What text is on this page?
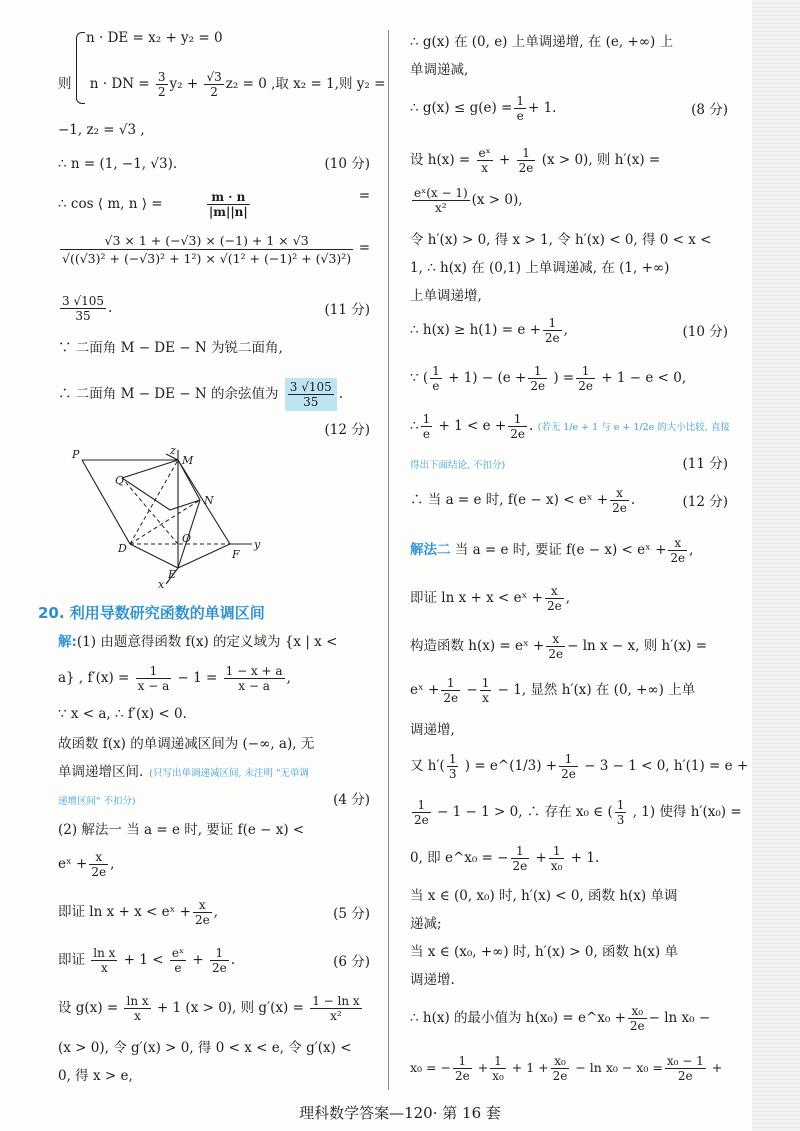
n · DE = x₂ + y₂ = 0
则 n · DN = $\frac{3}{2} y_2 + \frac{√3}{2} z_2 = 0$ ,取 x₂ = 1,则 y₂ =
−1, z₂ = √3 ,
∴ n = (1, −1, √3).	(10 分)
∴ cos ⟨ m, n ⟩ =	$\frac{m \cdot n}{|m||n|}$	=
$\frac{√3 \times 1 + (-√3) \times (-1) + 1 \times √3}{\text{√((√3)² + (−√3)² + 1²) × √(1² + (−1)² + (√3)²)}}$ =
$\frac{3 √105}{35}$ .	(11 分)
∵ 二面角 M − DE − N 为锐二面角,
∴ 二面角 M − DE − N 的余弦值为 $\frac{3 √105}{35}$ .
(12 分)
P
Q
z
M
N
D
O
F
y
E
x
20. 利用导数研究函数的单调区间
解:(1) 由题意得函数 f(x) 的定义域为 {x | x <
a} , $f'(x) = \frac{1}{x - a} - 1 = \frac{1 - x + a}{x - a}$ ,
∵ x < a, ∴ f′(x) < 0.
故函数 f(x) 的单调递减区间为 (−∞, a), 无
单调递增区间. (只写出单调递减区间, 未注明 "无单调
递增区间" 不扣分)	(4 分)
(2) 解法一 当 a = e 时, 要证 f(e − x) <
eˣ + $\frac{x}{2e}$ ,
即证 ln x + x < eˣ + $\frac{x}{2e}$ ,	(5 分)
即证 $\frac{\text{ln x}}{x} + 1 < \frac{\text{eˣ}}{e} + \frac{1}{2e}$ .	(6 分)
设 $g(x) = \frac{\text{ln x}}{x} + 1$ (x > 0), 则 $g'(x) = \frac{\text{1 − ln x}}{\text{x²}}$
(x > 0), 令 g′(x) > 0, 得 0 < x < e, 令 g′(x) <
0, 得 x > e,
∴ g(x) 在 (0, e) 上单调递增, 在 (e, +∞) 上
单调递减,
∴ $g(x) \le g(e) = \frac{1}{e} + 1$.	(8 分)
设 $h(x) = \frac{\text{eˣ}}{x} + \frac{1}{2e} (x > 0)$, 则 h′(x) =
$\frac{\text{eˣ(x − 1)}}{\text{x²}} (x > 0)$,
令 h′(x) > 0, 得 x > 1, 令 h′(x) < 0, 得 0 < x <
1, ∴ h(x) 在 (0,1) 上单调递减, 在 (1, +∞)
上单调递增,
∴ $h(x) \ge h(1) = e + \frac{1}{2e}$ ,	(10 分)
∵ ( $\frac{1}{e} + 1) - (e + \frac{1}{2e}$ ) = $\frac{1}{2e} + 1 - e < 0$,
∴ $\frac{1}{e} + 1 < e + \frac{1}{2e}$ . (若无 1/e + 1 与 e + 1/2e 的大小比较, 直接
得出下面结论, 不扣分)	(11 分)
∴ 当 a = e 时, f(e − x) < eˣ + $\frac{x}{2e}$ .	(12 分)
解法二 当 a = e 时, 要证 f(e − x) < eˣ + $\frac{x}{2e}$ ,
即证 ln x + x < eˣ + $\frac{x}{2e}$ ,
构造函数 h(x) = eˣ + $\frac{x}{2e} - \ln x - x$, 则 h′(x) =
eˣ + $\frac{1}{2e} - \frac{1}{x} - 1$, 显然 h′(x) 在 (0, +∞) 上单
调递增,
又 $h'( \frac{1}{3}$ ) = e^(1/3) + $\frac{1}{2e} - 3 - 1 < 0$, h′(1) = e +
$\frac{1}{2e} - 1 - 1 > 0$, ∴ 存在 x₀ ∈ ( $\frac{1}{3}$ , 1) 使得 h′(x₀) =
0, 即 e^x₀ = − $\frac{1}{2e} + \frac{1}{\text{x₀}} + 1$.
当 x ∈ (0, x₀) 时, h′(x) < 0, 函数 h(x) 单调
递减;
当 x ∈ (x₀, +∞) 时, h′(x) > 0, 函数 h(x) 单
调递增.
∴ h(x) 的最小值为 h(x₀) = e^x₀ + $\frac{\text{x₀}}{2e} - \ln x_0$ −
x₀ = − $\frac{1}{2e} + \frac{1}{\text{x₀}} + 1 + \frac{\text{x₀}}{2e} - \ln x_0 - x_0 = \frac{\text{x₀ − 1}}{2e}$ +
理科数学答案—120· 第 16 套
